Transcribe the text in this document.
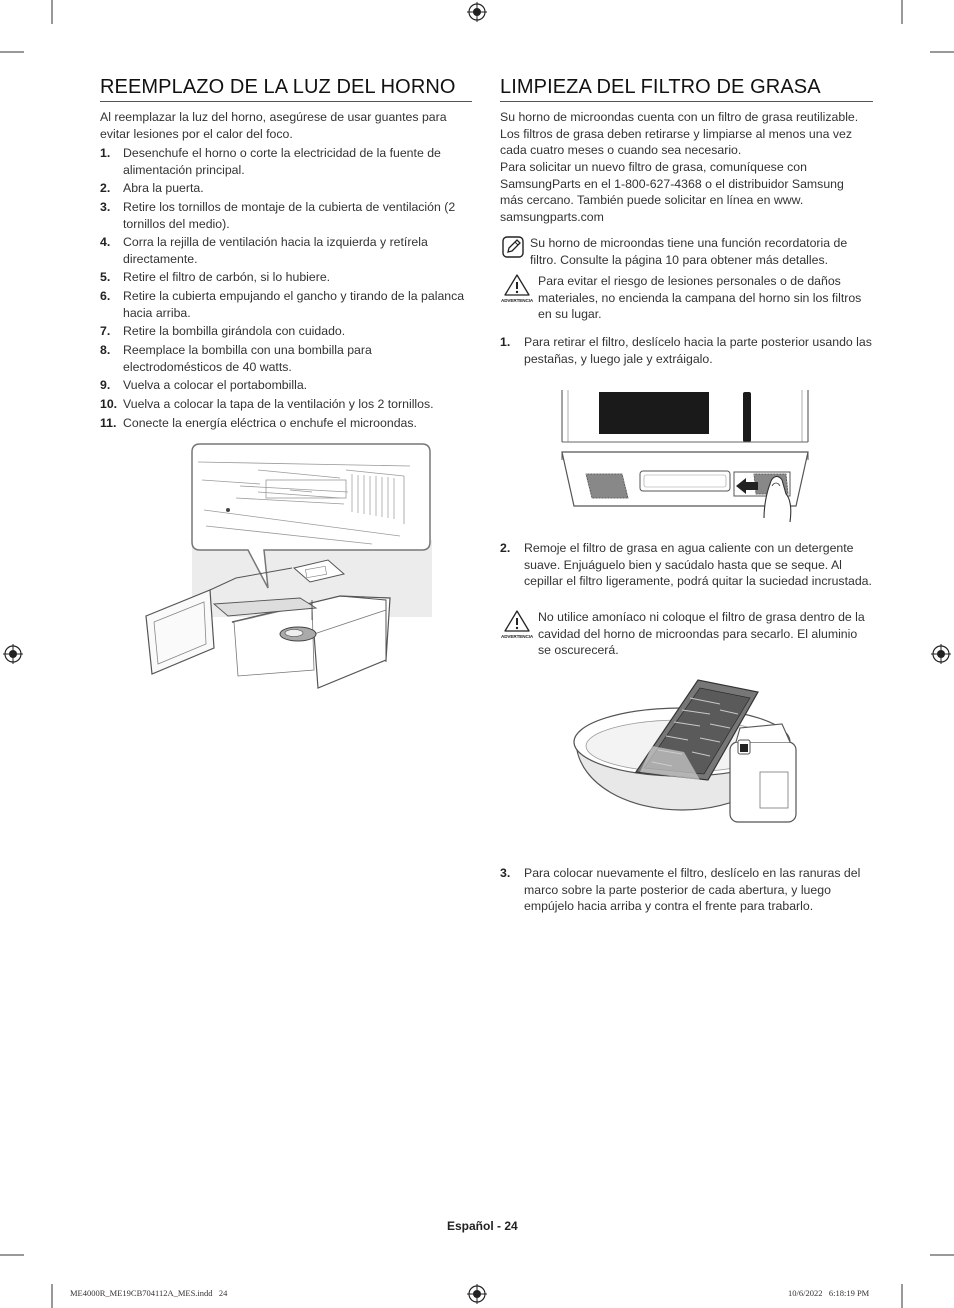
REEMPLAZO DE LA LUZ DEL HORNO
Al reemplazar la luz del horno, asegúrese de usar guantes para evitar lesiones por el calor del foco.
1. Desenchufe el horno o corte la electricidad de la fuente de alimentación principal.
2. Abra la puerta.
3. Retire los tornillos de montaje de la cubierta de ventilación (2 tornillos del medio).
4. Corra la rejilla de ventilación hacia la izquierda y retírela directamente.
5. Retire el filtro de carbón, si lo hubiere.
6. Retire la cubierta empujando el gancho y tirando de la palanca hacia arriba.
7. Retire la bombilla girándola con cuidado.
8. Reemplace la bombilla con una bombilla para electrodomésticos de 40 watts.
9. Vuelva a colocar el portabombilla.
10. Vuelva a colocar la tapa de la ventilación y los 2 tornillos.
11. Conecte la energía eléctrica o enchufe el microondas.
LIMPIEZA DEL FILTRO DE GRASA
Su horno de microondas cuenta con un filtro de grasa reutilizable. Los filtros de grasa deben retirarse y limpiarse al menos una vez cada cuatro meses o cuando sea necesario.
Para solicitar un nuevo filtro de grasa, comuníquese con SamsungParts en el 1-800-627-4368 o el distribuidor Samsung más cercano. También puede solicitar en línea en www. samsungparts.com
Su horno de microondas tiene una función recordatoria de filtro. Consulte la página 10 para obtener más detalles.
ADVERTENCIA
Para evitar el riesgo de lesiones personales o de daños materiales, no encienda la campana del horno sin los filtros en su lugar.
1. Para retirar el filtro, deslícelo hacia la parte posterior usando las pestañas, y luego jale y extráigalo.
2. Remoje el filtro de grasa en agua caliente con un detergente suave. Enjuáguelo bien y sacúdalo hasta que se seque. Al cepillar el filtro ligeramente, podrá quitar la suciedad incrustada.
ADVERTENCIA
No utilice amoníaco ni coloque el filtro de grasa dentro de la cavidad del horno de microondas para secarlo. El aluminio se oscurecerá.
3. Para colocar nuevamente el filtro, deslícelo en las ranuras del marco sobre la parte posterior de cada abertura, y luego empújelo hacia arriba y contra el frente para trabarlo.
Español - 24
ME4000R_ME19CB704112A_MES.indd   24	10/6/2022   6:18:19 PM
